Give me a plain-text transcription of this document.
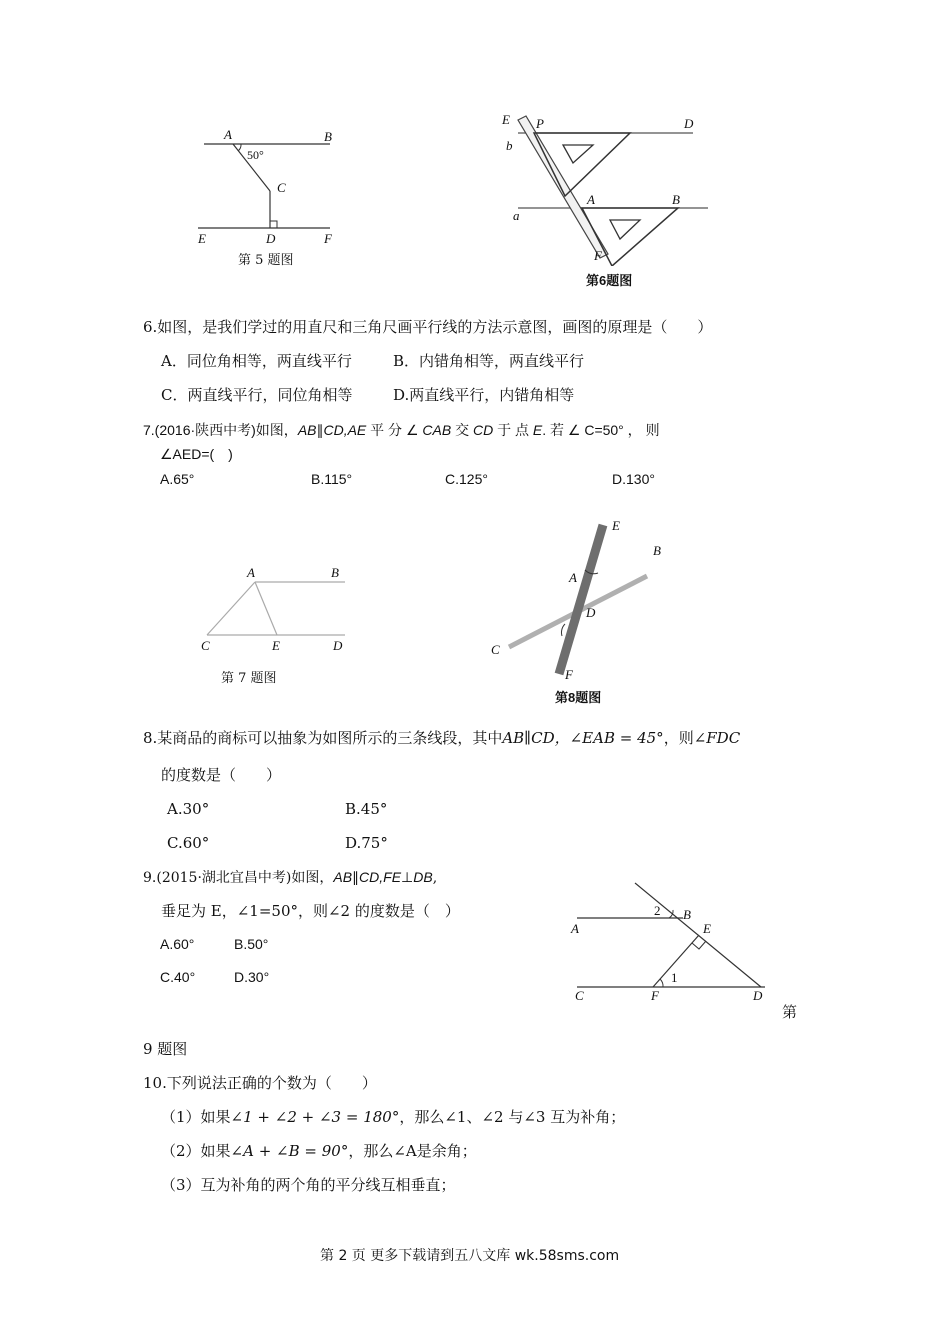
A	B
50°
C
E	D	F
第 5 题图
E P	D
b
a
A	B
F
第6题图
6.如图，是我们学过的用直尺和三角尺画平行线的方法示意图，画图的原理是（　　）
A．同位角相等，两直线平行	B．内错角相等，两直线平行
C．两直线平行，同位角相等	D.两直线平行，内错角相等
7.(2016·陕西中考)如图，AB∥CD,AE 平 分 ∠ CAB 交 CD 于 点 E. 若 ∠ C=50° ， 则
∠AED=(　)
A.65°	B.115°	C.125°	D.130°
A	B
C	E	D
第 7 题图
E
B
A
D
C
F
第8题图
8.某商品的商标可以抽象为如图所示的三条线段，其中AB∥CD，∠EAB = 45°，则∠FDC
的度数是（　　）
A.30°	B.45°
C.60°	D.75°
9.(2015·湖北宜昌中考)如图，AB∥CD,FE⊥DB,
垂足为 E，∠1=50°，则∠2 的度数是（　）
A.60°	B.50°
C.40°	D.30°
A
2 B
E
1
C	F	D
第
9 题图
10.下列说法正确的个数为（　　）
（1）如果∠1 + ∠2 + ∠3 = 180°，那么∠1、∠2 与∠3 互为补角；
（2）如果∠A + ∠B = 90°，那么∠A是余角；
（3）互为补角的两个角的平分线互相垂直；
第 2 页 更多下载请到五八文库 wk.58sms.com
